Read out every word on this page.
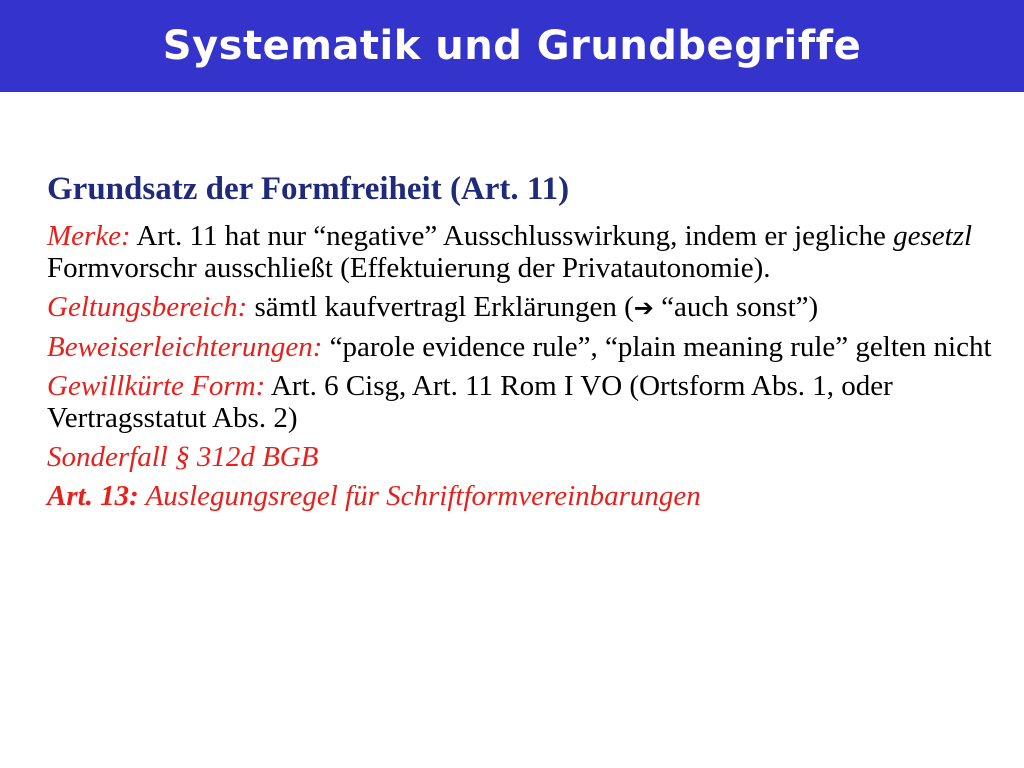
Systematik und Grundbegriffe

Grundsatz der Formfreiheit (Art. 11)

Merke: Art. 11 hat nur “negative” Ausschlusswirkung, indem er jegliche gesetzl Formvorschr ausschließt (Effektuierung der Privatautonomie).

Geltungsbereich: sämtl kaufvertragl Erklärungen (➔ “auch sonst”)

Beweiserleichterungen: “parole evidence rule”, “plain meaning rule” gelten nicht

Gewillkürte Form: Art. 6 Cisg, Art. 11 Rom I VO (Ortsform Abs. 1, oder Vertragsstatut Abs. 2)

Sonderfall § 312d BGB

Art. 13: Auslegungsregel für Schriftformvereinbarungen
